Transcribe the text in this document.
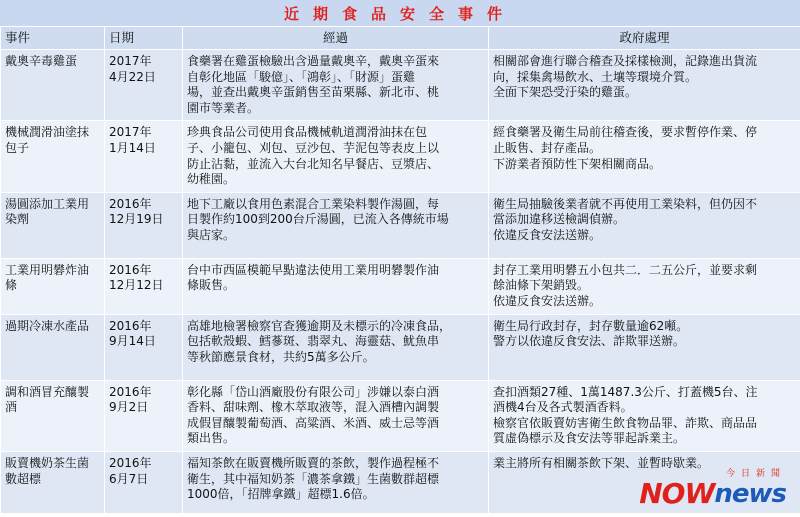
近期食品安全事件
事件	日期	經過	政府處理

戴奧辛毒雞蛋	2017年
4月22日	食藥署在雞蛋檢驗出含過量戴奧辛，戴奧辛蛋來
自彰化地區「駿億」、「鴻彰」、「財源」蛋雞
場，並查出戴奧辛蛋銷售至苗栗縣、新北市、桃
園市等業者。	相關部會進行聯合稽查及採樣檢測，記錄進出貨流
向，採集禽場飲水、土壤等環境介質。
全面下架恐受汙染的雞蛋。

機械潤滑油塗抹
包子	2017年
1月14日	珍典食品公司使用食品機械軌道潤滑油抹在包
子、小籠包、刈包、豆沙包、芋泥包等表皮上以
防止沾黏，並流入大台北知名早餐店、豆漿店、
幼稚園。	經食藥署及衛生局前往稽查後，要求暫停作業、停
止販售、封存產品。
下游業者預防性下架相關商品。

湯圓添加工業用
染劑	2016年
12月19日	地下工廠以食用色素混合工業染料製作湯圓，每
日製作約100到200台斤湯圓，已流入各傳統市場
與店家。	衛生局抽驗後業者就不再使用工業染料，但仍因不
當添加違移送檢調偵辦。
依違反食安法送辦。

工業用明礬炸油
條	2016年
12月12日	台中市西區模範早點違法使用工業用明礬製作油
條販售。	封存工業用明礬五小包共二．二五公斤，並要求剩
餘油條下架銷毀。
依違反食安法送辦。

過期冷凍水產品	2016年
9月14日	高雄地檢署檢察官查獲逾期及未標示的冷凍食品，
包括軟殼蝦、鱈蔘斑、翡翠丸、海靈菇、魷魚串
等秋節應景食材，共約5萬多公斤。	衛生局行政封存，封存數量逾62噸。
警方以依違反食安法、詐欺罪送辦。

調和酒冒充釀製
酒	2016年
9月2日	彰化縣「岱山酒廠股份有限公司」涉嫌以泰白酒
香料、甜味劑、橡木萃取液等，混入酒槽內調製
成假冒釀製葡萄酒、高粱酒、米酒、威士忌等酒
類出售。	查扣酒類27種、1萬1487.3公斤、打蓋機5台、注
酒機4台及各式製酒香料。
檢察官依販賣妨害衛生飲食物品罪、詐欺、商品品
質虛偽標示及食安法等罪起訴業主。

販賣機奶茶生菌
數超標	2016年
6月7日	福知茶飲在販賣機所販賣的茶飲，製作過程極不
衛生，其中福知奶茶「濃茶拿鐵」生菌數群超標
1000倍，「招牌拿鐵」超標1.6倍。	業主將所有相關茶飲下架、並暫時歇業。
今日新聞
NOW news
